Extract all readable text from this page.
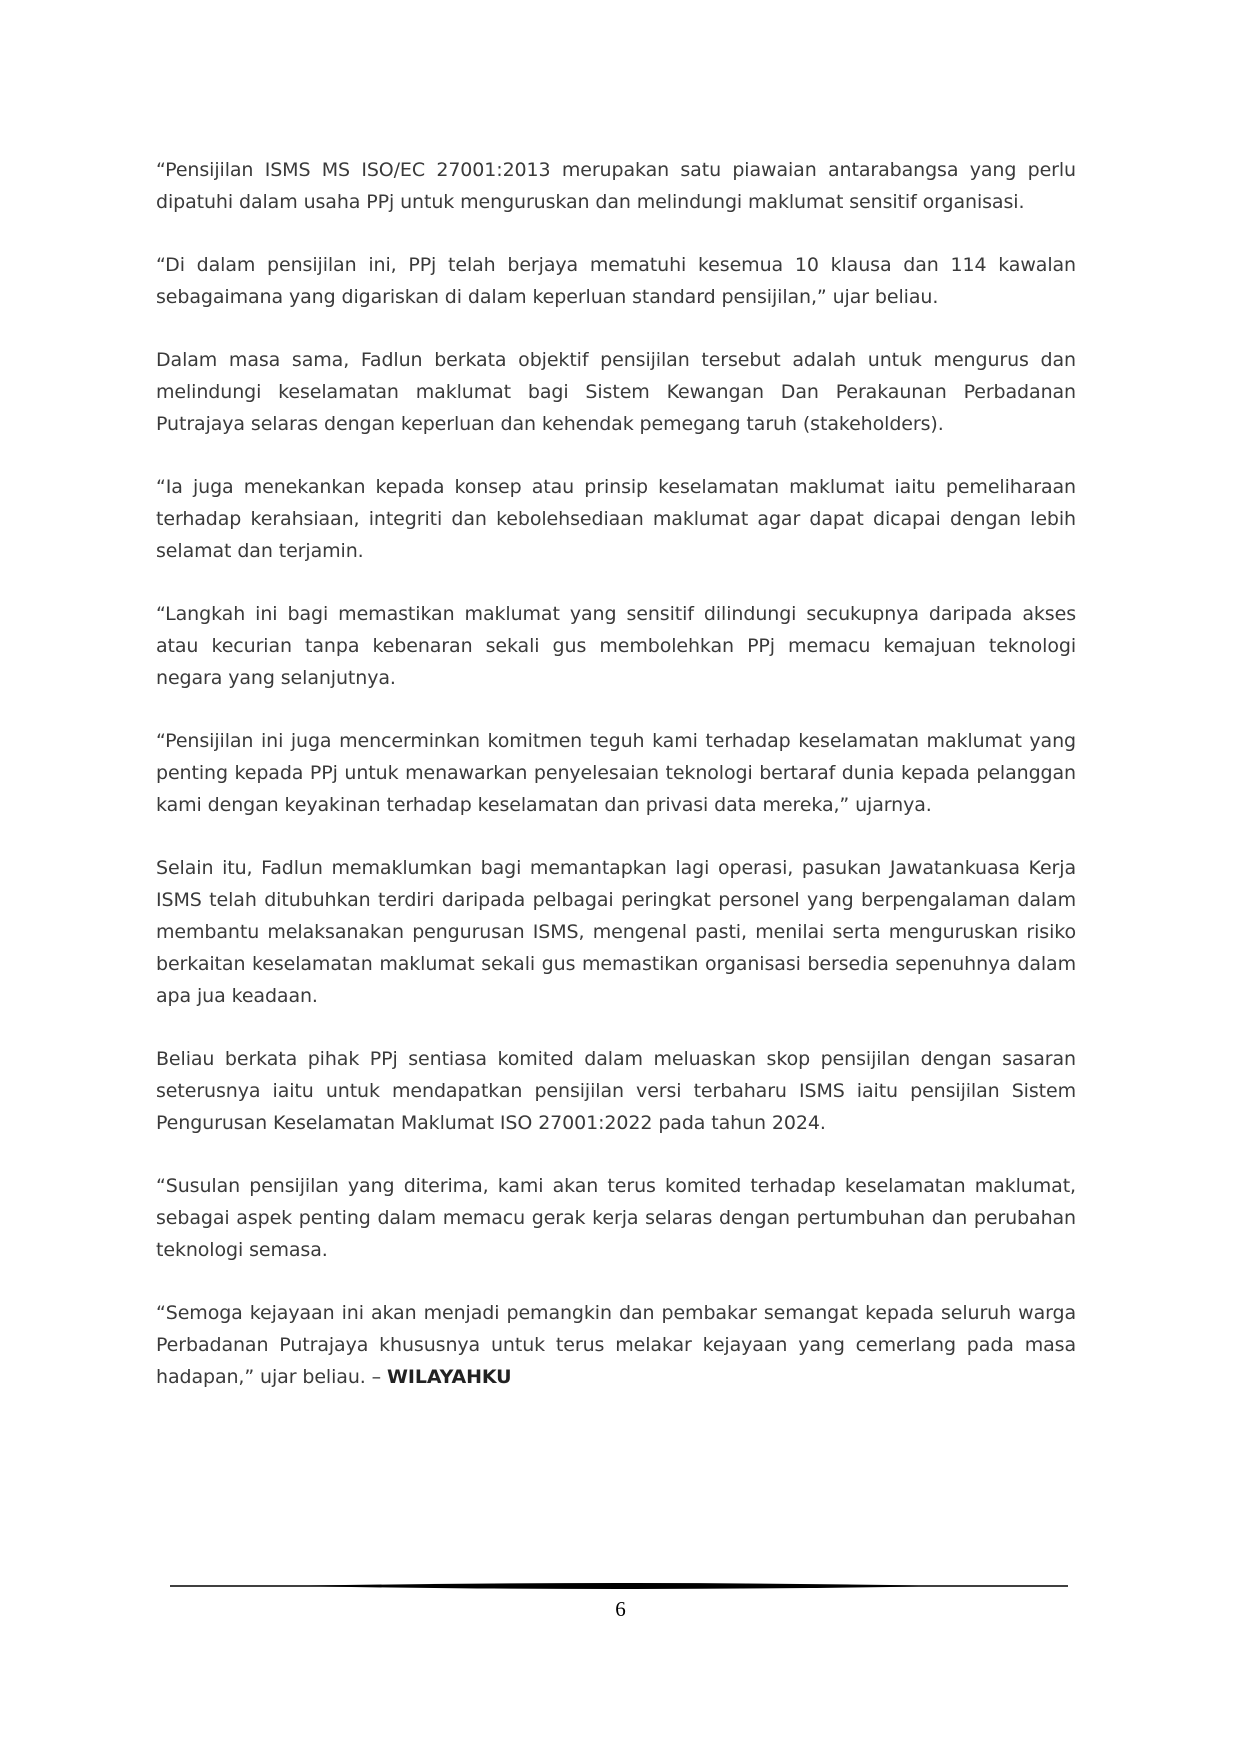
“Pensijilan ISMS MS ISO/EC 27001:2013 merupakan satu piawaian antarabangsa yang perlu dipatuhi dalam usaha PPj untuk menguruskan dan melindungi maklumat sensitif organisasi.

“Di dalam pensijilan ini, PPj telah berjaya mematuhi kesemua 10 klausa dan 114 kawalan sebagaimana yang digariskan di dalam keperluan standard pensijilan,” ujar beliau.

Dalam masa sama, Fadlun berkata objektif pensijilan tersebut adalah untuk mengurus dan melindungi keselamatan maklumat bagi Sistem Kewangan Dan Perakaunan Perbadanan Putrajaya selaras dengan keperluan dan kehendak pemegang taruh (stakeholders).

“Ia juga menekankan kepada konsep atau prinsip keselamatan maklumat iaitu pemeliharaan terhadap kerahsiaan, integriti dan kebolehsediaan maklumat agar dapat dicapai dengan lebih selamat dan terjamin.

“Langkah ini bagi memastikan maklumat yang sensitif dilindungi secukupnya daripada akses atau kecurian tanpa kebenaran sekali gus membolehkan PPj memacu kemajuan teknologi negara yang selanjutnya.

“Pensijilan ini juga mencerminkan komitmen teguh kami terhadap keselamatan maklumat yang penting kepada PPj untuk menawarkan penyelesaian teknologi bertaraf dunia kepada pelanggan kami dengan keyakinan terhadap keselamatan dan privasi data mereka,” ujarnya.

Selain itu, Fadlun memaklumkan bagi memantapkan lagi operasi, pasukan Jawatankuasa Kerja ISMS telah ditubuhkan terdiri daripada pelbagai peringkat personel yang berpengalaman dalam membantu melaksanakan pengurusan ISMS, mengenal pasti, menilai serta menguruskan risiko berkaitan keselamatan maklumat sekali gus memastikan organisasi bersedia sepenuhnya dalam apa jua keadaan.

Beliau berkata pihak PPj sentiasa komited dalam meluaskan skop pensijilan dengan sasaran seterusnya iaitu untuk mendapatkan pensijilan versi terbaharu ISMS iaitu pensijilan Sistem Pengurusan Keselamatan Maklumat ISO 27001:2022 pada tahun 2024.

“Susulan pensijilan yang diterima, kami akan terus komited terhadap keselamatan maklumat, sebagai aspek penting dalam memacu gerak kerja selaras dengan pertumbuhan dan perubahan teknologi semasa.

“Semoga kejayaan ini akan menjadi pemangkin dan pembakar semangat kepada seluruh warga Perbadanan Putrajaya khususnya untuk terus melakar kejayaan yang cemerlang pada masa hadapan,” ujar beliau. – WILAYAHKU

6
